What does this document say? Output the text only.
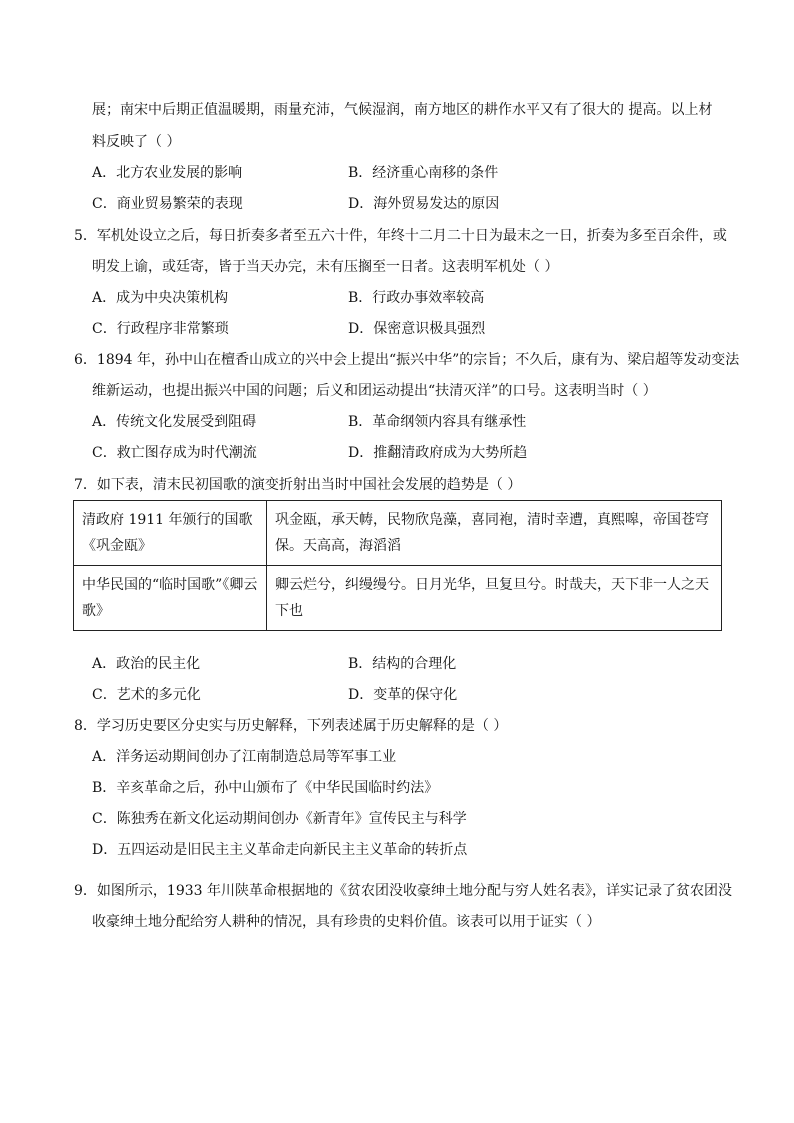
展；南宋中后期正值温暖期，雨量充沛，气候湿润，南方地区的耕作水平又有了很大的 提高。以上材
料反映了（ ）
A．北方农业发展的影响	B．经济重心南移的条件
C．商业贸易繁荣的表现	D．海外贸易发达的原因
5．军机处设立之后，每日折奏多者至五六十件，年终十二月二十日为最末之一日，折奏为多至百余件，或
明发上谕，或廷寄，皆于当天办完，未有压搁至一日者。这表明军机处（ ）
A．成为中央决策机构	B．行政办事效率较高
C．行政程序非常繁琐	D．保密意识极具强烈
6．1894 年，孙中山在檀香山成立的兴中会上提出“振兴中华”的宗旨；不久后，康有为、梁启超等发动变法
维新运动，也提出振兴中国的问题；后义和团运动提出“扶清灭洋”的口号。这表明当时（ ）
A．传统文化发展受到阻碍	B．革命纲领内容具有继承性
C．救亡图存成为时代潮流	D．推翻清政府成为大势所趋
7．如下表，清末民初国歌的演变折射出当时中国社会发展的趋势是（ ）
清政府 1911 年颁行的国歌《巩金瓯》	巩金瓯，承天帱，民物欣凫藻，喜同袍，清时幸遭，真熙嗥，帝国苍穹保。天高高，海滔滔
中华民国的“临时国歌”《卿云歌》	卿云烂兮，纠缦缦兮。日月光华，旦复旦兮。时哉夫，天下非一人之天下也
A．政治的民主化	B．结构的合理化
C．艺术的多元化	D．变革的保守化
8．学习历史要区分史实与历史解释，下列表述属于历史解释的是（ ）
A．洋务运动期间创办了江南制造总局等军事工业
B．辛亥革命之后，孙中山颁布了《中华民国临时约法》
C．陈独秀在新文化运动期间创办《新青年》宣传民主与科学
D．五四运动是旧民主主义革命走向新民主主义革命的转折点
9．如图所示，1933 年川陕革命根据地的《贫农团没收豪绅土地分配与穷人姓名表》，详实记录了贫农团没
收豪绅土地分配给穷人耕种的情况，具有珍贵的史料价值。该表可以用于证实（ ）
